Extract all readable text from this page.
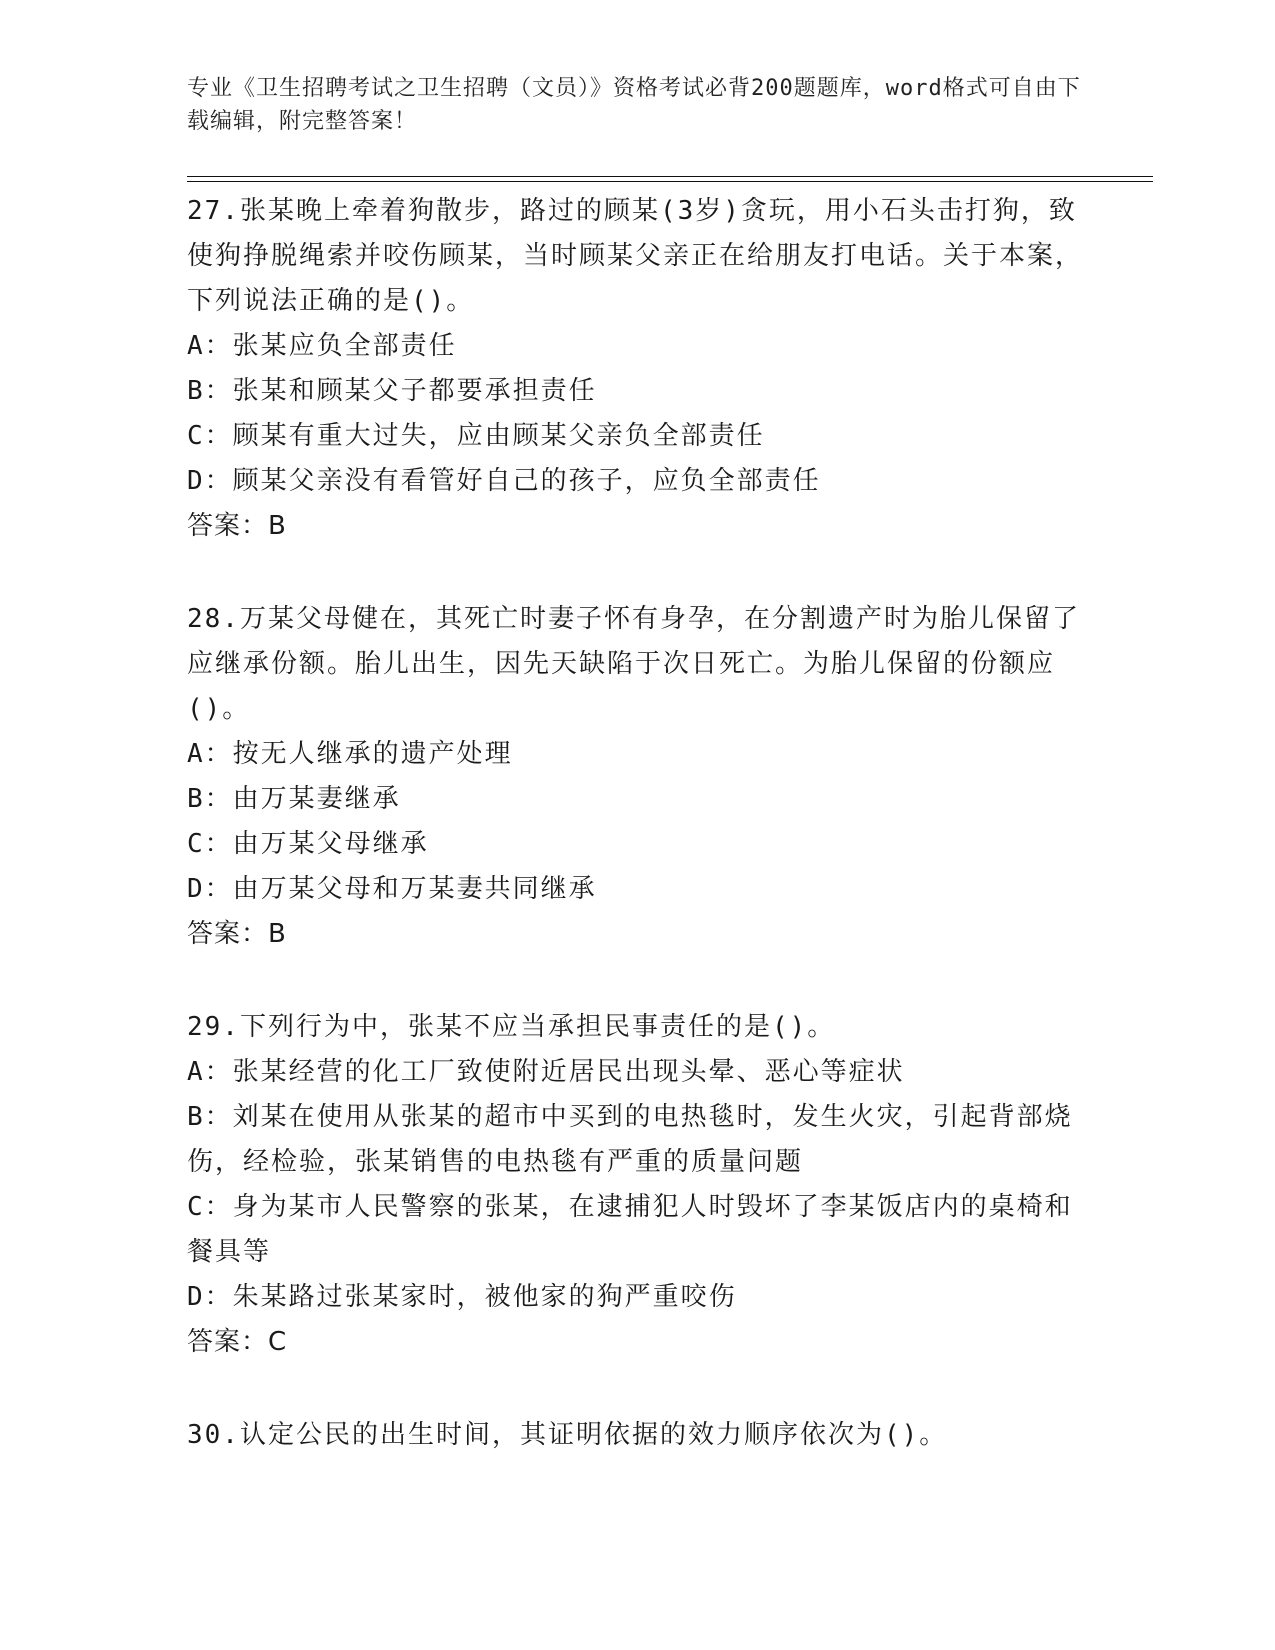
专业《卫生招聘考试之卫生招聘（文员）》资格考试必背200题题库，word格式可自由下载编辑，附完整答案！

27.张某晚上牵着狗散步，路过的顾某(3岁)贪玩，用小石头击打狗，致使狗挣脱绳索并咬伤顾某，当时顾某父亲正在给朋友打电话。关于本案，下列说法正确的是()。

A：张某应负全部责任

B：张某和顾某父子都要承担责任

C：顾某有重大过失，应由顾某父亲负全部责任

D：顾某父亲没有看管好自己的孩子，应负全部责任

答案：B

28.万某父母健在，其死亡时妻子怀有身孕，在分割遗产时为胎儿保留了应继承份额。胎儿出生，因先天缺陷于次日死亡。为胎儿保留的份额应()。

A：按无人继承的遗产处理

B：由万某妻继承

C：由万某父母继承

D：由万某父母和万某妻共同继承

答案：B

29.下列行为中，张某不应当承担民事责任的是()。

A：张某经营的化工厂致使附近居民出现头晕、恶心等症状

B：刘某在使用从张某的超市中买到的电热毯时，发生火灾，引起背部烧伤，经检验，张某销售的电热毯有严重的质量问题

C：身为某市人民警察的张某，在逮捕犯人时毁坏了李某饭店内的桌椅和餐具等

D：朱某路过张某家时，被他家的狗严重咬伤

答案：C

30.认定公民的出生时间，其证明依据的效力顺序依次为()。
